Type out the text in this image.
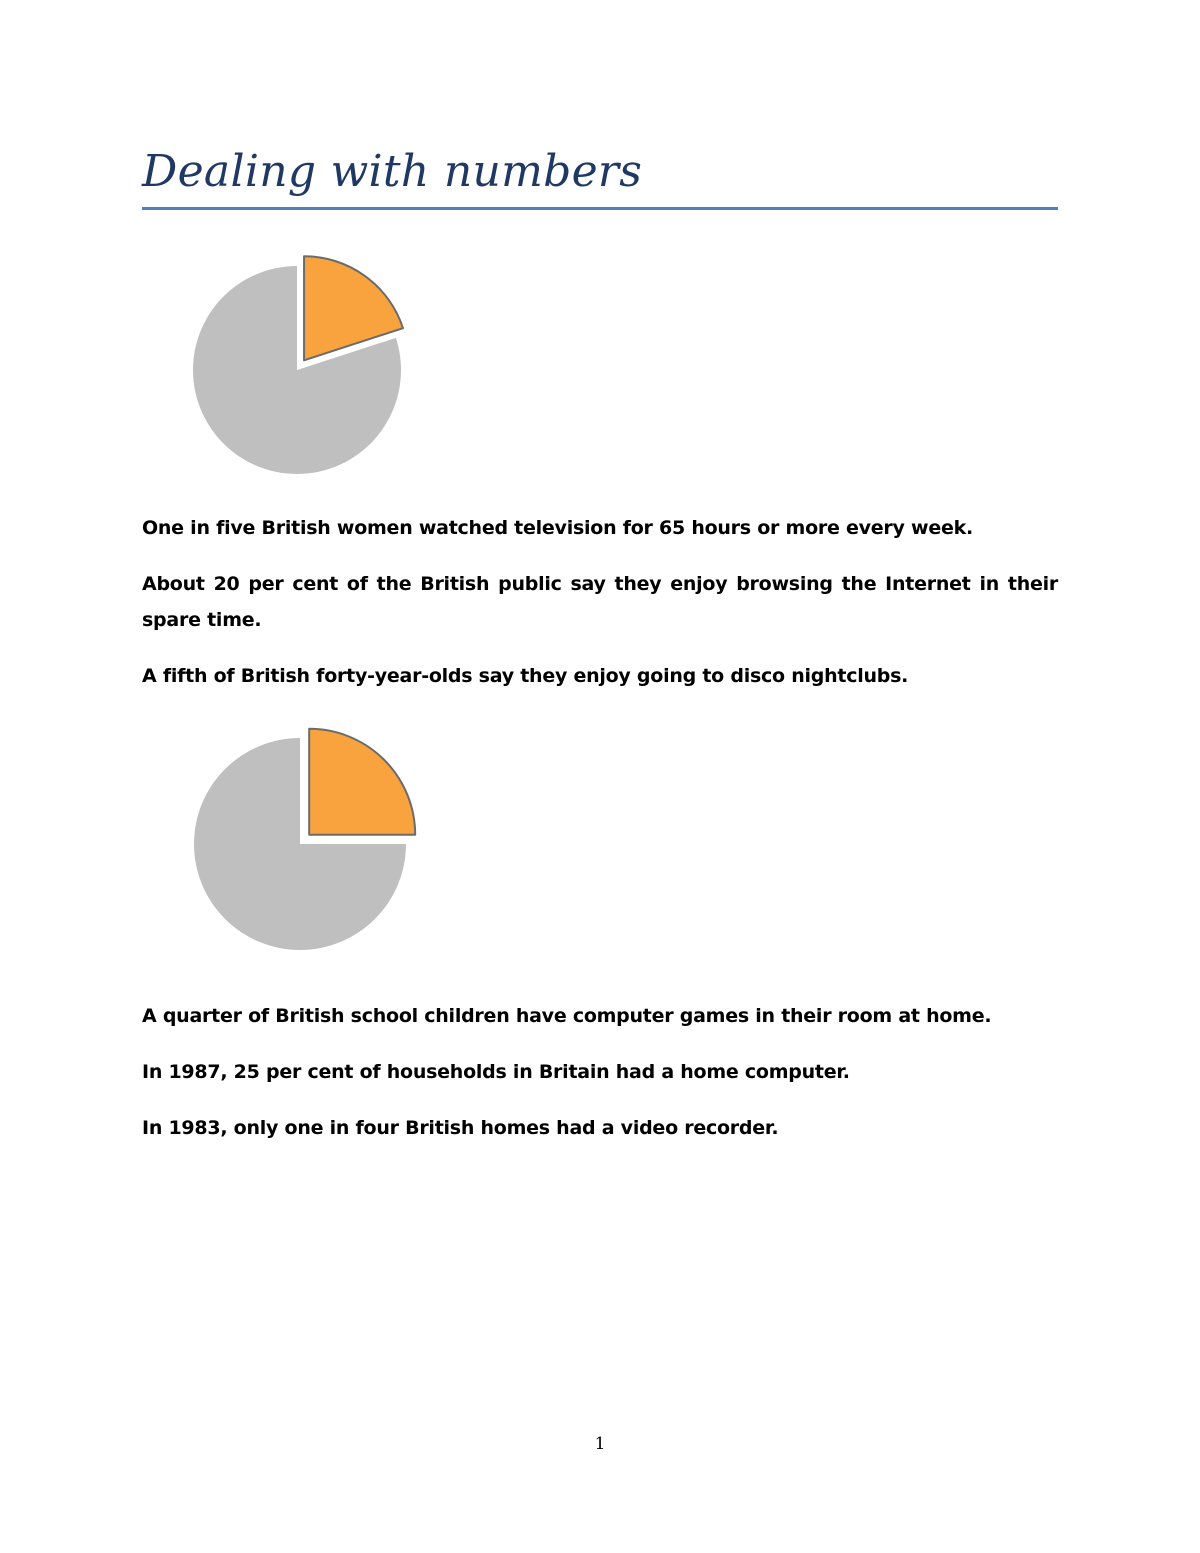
Dealing with numbers

One in five British women watched television for 65 hours or more every week.

About 20 per cent of the British public say they enjoy browsing the Internet in their spare time.

A fifth of British forty-year-olds say they enjoy going to disco nightclubs.

A quarter of British school children have computer games in their room at home.

In 1987, 25 per cent of households in Britain had a home computer.

In 1983, only one in four British homes had a video recorder.

1
